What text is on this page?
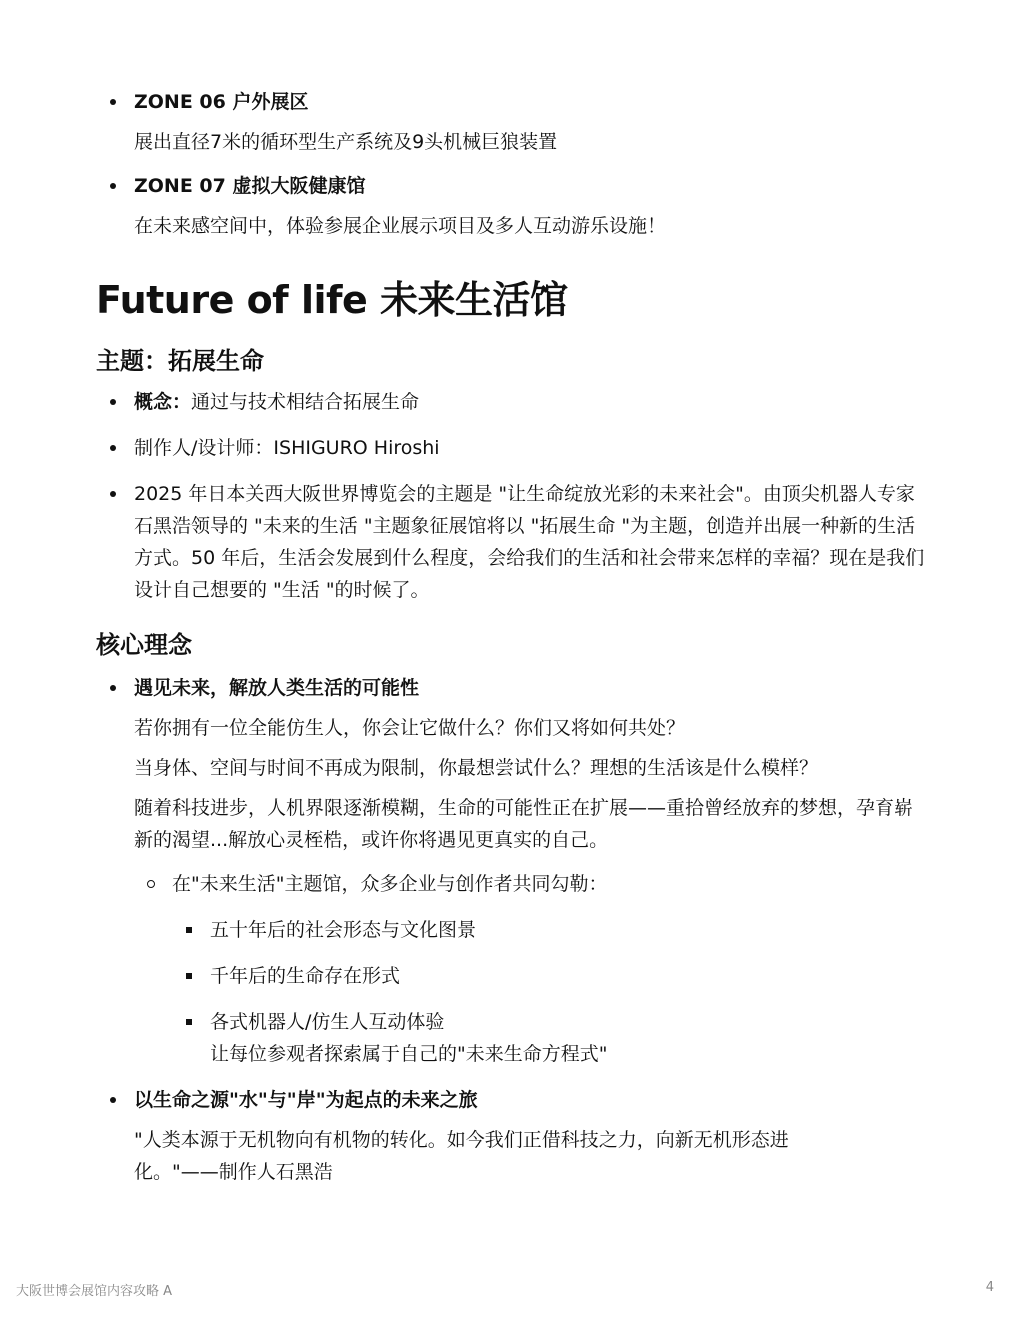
ZONE 06 户外展区
展出直径7米的循环型生产系统及9头机械巨狼装置
ZONE 07 虚拟大阪健康馆
在未来感空间中，体验参展企业展示项目及多人互动游乐设施！
Future of life 未来生活馆
主题：拓展生命
概念：通过与技术相结合拓展生命
制作人/设计师：ISHIGURO Hiroshi
2025 年日本关西大阪世界博览会的主题是 "让生命绽放光彩的未来社会"。由顶尖机器人专家石黑浩领导的 "未来的生活 "主题象征展馆将以 "拓展生命 "为主题，创造并出展一种新的生活方式。50 年后，生活会发展到什么程度，会给我们的生活和社会带来怎样的幸福？现在是我们设计自己想要的 "生活 "的时候了。
核心理念
遇见未来，解放人类生活的可能性
若你拥有一位全能仿生人，你会让它做什么？你们又将如何共处？
当身体、空间与时间不再成为限制，你最想尝试什么？理想的生活该是什么模样？
随着科技进步，人机界限逐渐模糊，生命的可能性正在扩展——重拾曾经放弃的梦想，孕育崭新的渴望...解放心灵桎梏，或许你将遇见更真实的自己。
在"未来生活"主题馆，众多企业与创作者共同勾勒：
五十年后的社会形态与文化图景
千年后的生命存在形式
各式机器人/仿生人互动体验
让每位参观者探索属于自己的"未来生命方程式"
以生命之源"水"与"岸"为起点的未来之旅
"人类本源于无机物向有机物的转化。如今我们正借科技之力，向新无机形态进化。"——制作人石黑浩
大阪世博会展馆内容攻略 A	4
